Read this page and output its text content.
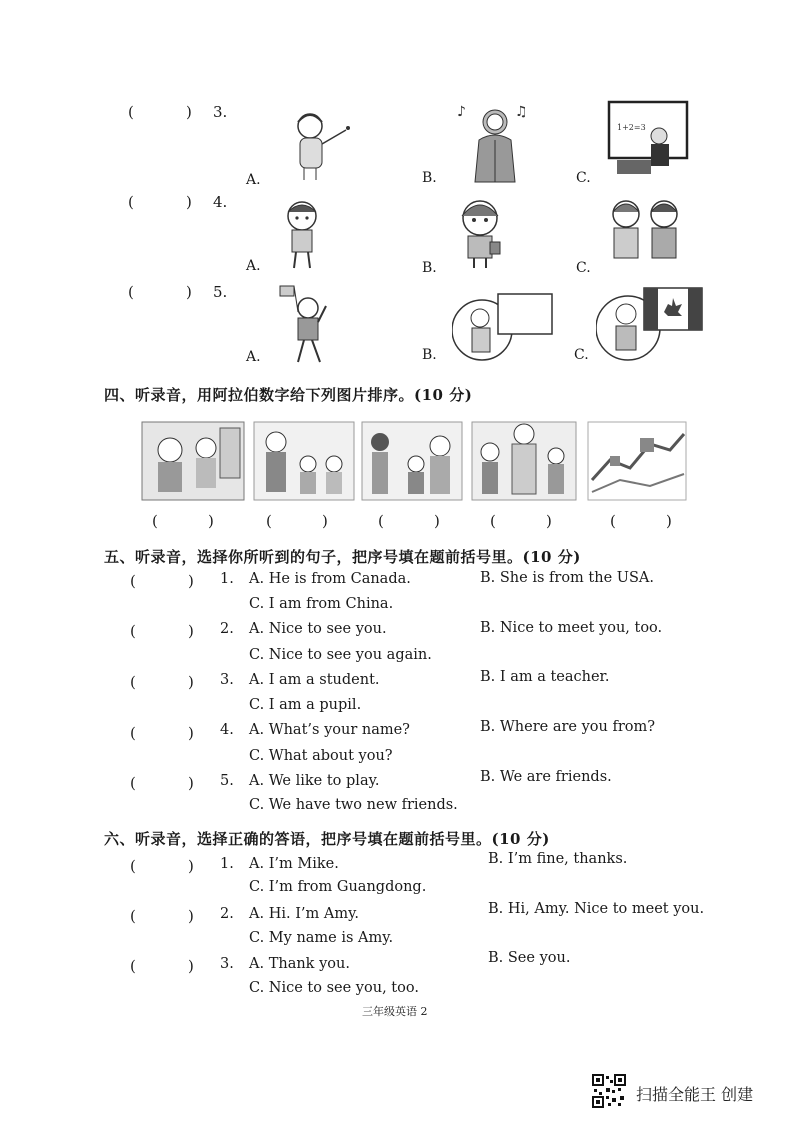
(	) 3.
A.	B.	C.
♪	♫
1+2=3
(	) 4.
A.	B.	C.
(	) 5.
A.	B.	C.
四、听录音，用阿拉伯数字给下列图片排序。(10 分)
(	)	(	)	(	)	(	)	(	)
五、听录音，选择你所听到的句子，把序号填在题前括号里。(10 分)
(	) 1. A. He is from Canada.	B. She is from the USA.
C. I am from China.
(	) 2. A. Nice to see you.	B. Nice to meet you, too.
C. Nice to see you again.
(	) 3. A. I am a student.	B. I am a teacher.
C. I am a pupil.
(	) 4. A. What’s your name?	B. Where are you from?
C. What about you?
(	) 5. A. We like to play.	B. We are friends.
C. We have two new friends.
六、听录音，选择正确的答语，把序号填在题前括号里。(10 分)
(	) 1. A. I’m Mike.	B. I’m fine, thanks.
C. I’m from Guangdong.
(	) 2. A. Hi. I’m Amy.	B. Hi, Amy. Nice to meet you.
C. My name is Amy.
(	) 3. A. Thank you.	B. See you.
C. Nice to see you, too.
三年级英语 2
扫描全能王 创建
